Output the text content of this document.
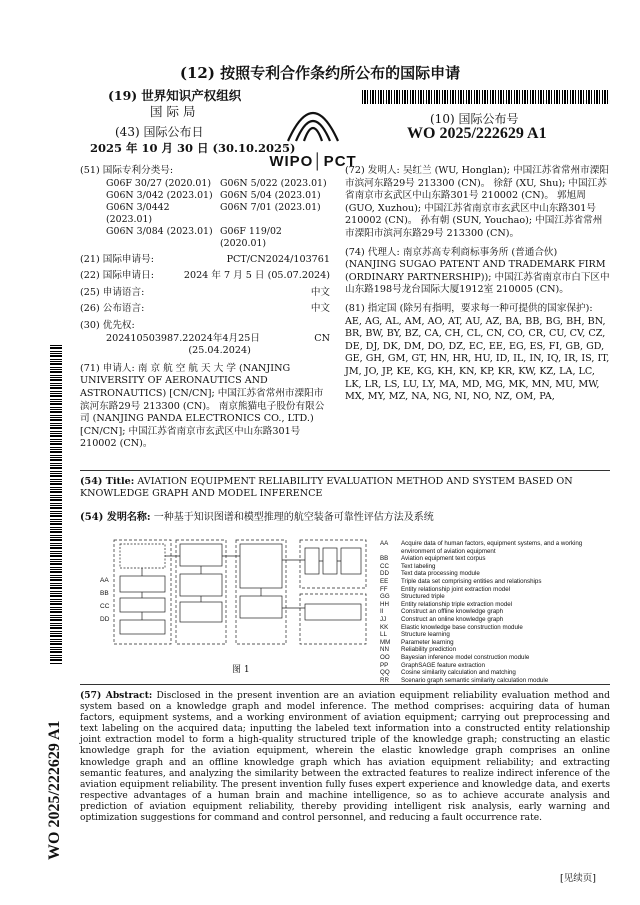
(12) 按照专利合作条约所公布的国际申请
(19) 世界知识产权组织
国 际 局
(43) 国际公布日
2025 年 10 月 30 日 (30.10.2025)
WIPO│PCT
(10) 国际公布号
WO 2025/222629 A1
(51) 国际专利分类号:
G06F 30/27 (2020.01) G06N 5/022 (2023.01)
G06N 3/042 (2023.01) G06N 5/04 (2023.01)
G06N 3/0442 (2023.01)
G06N 7/01 (2023.01)
G06N 3/084 (2023.01) G06F 119/02 (2020.01)
(21) 国际申请号:	PCT/CN2024/103761
(22) 国际申请日:	2024 年 7 月 5 日 (05.07.2024)
(25) 申请语言:	中文
(26) 公布语言:	中文
(30) 优先权:
202410503987.2 2024年4月25日 (25.04.2024)
CN
(71) 申请人: 南 京 航 空 航 天 大 学 (NANJING UNIVERSITY OF AERONAUTICS AND ASTRONAUTICS) [CN/CN]; 中国江苏省常州市溧阳市滨河东路29号 213300 (CN)。 南京熊猫电子股份有限公司 (NANJING PANDA ELECTRONICS CO., LTD.) [CN/CN]; 中国江苏省南京市玄武区中山东路301号 210002 (CN)。
(72) 发明人: 吴红兰 (WU, Honglan); 中国江苏省常州市溧阳市滨河东路29号 213300 (CN)。 徐舒 (XU, Shu); 中国江苏省南京市玄武区中山东路301号 210002 (CN)。 郭旭周 (GUO, Xuzhou); 中国江苏省南京市玄武区中山东路301号 210002 (CN)。 孙有朝 (SUN, Youchao); 中国江苏省常州市溧阳市滨河东路29号 213300 (CN)。
(74) 代理人: 南京苏高专利商标事务所 (普通合伙) (NANJING SUGAO PATENT AND TRADEMARK FIRM (ORDINARY PARTNERSHIP)); 中国江苏省南京市白下区中山东路198号龙台国际大厦1912室 210005 (CN)。
(81) 指定国 (除另有指明，要求每一种可提供的国家保护): AE, AG, AL, AM, AO, AT, AU, AZ, BA, BB, BG, BH, BN, BR, BW, BY, BZ, CA, CH, CL, CN, CO, CR, CU, CV, CZ, DE, DJ, DK, DM, DO, DZ, EC, EE, EG, ES, FI, GB, GD, GE, GH, GM, GT, HN, HR, HU, ID, IL, IN, IQ, IR, IS, IT, JM, JO, JP, KE, KG, KH, KN, KP, KR, KW, KZ, LA, LC, LK, LR, LS, LU, LY, MA, MD, MG, MK, MN, MU, MW, MX, MY, MZ, NA, NG, NI, NO, NZ, OM, PA,
WO 2025/222629 A1
(54) Title: AVIATION EQUIPMENT RELIABILITY EVALUATION METHOD AND SYSTEM BASED ON KNOWLEDGE GRAPH AND MODEL INFERENCE
(54) 发明名称: 一种基于知识图谱和模型推理的航空装备可靠性评估方法及系统
AA
BB
CC
DD
图 1
AA	Acquire data of human factors, equipment systems, and a working environment of aviation equipment
BB	Aviation equipment text corpus
CC	Text labeling
DD	Text data processing module
EE	Triple data set comprising entities and relationships
FF	Entity relationship joint extraction model
GG	Structured triple
HH	Entity relationship triple extraction model
II	Construct an offline knowledge graph
JJ	Construct an online knowledge graph
KK	Elastic knowledge base construction module
LL	Structure learning
MM	Parameter learning
NN	Reliability prediction
OO	Bayesian inference model construction module
PP	GraphSAGE feature extraction
QQ	Cosine similarity calculation and matching
RR	Scenario graph semantic similarity calculation module
(57) Abstract: Disclosed in the present invention are an aviation equipment reliability evaluation method and system based on a knowledge graph and model inference. The method comprises: acquiring data of human factors, equipment systems, and a working environment of aviation equipment; carrying out preprocessing and text labeling on the acquired data; inputting the labeled text information into a constructed entity relationship joint extraction model to form a high-quality structured triple of the knowledge graph; constructing an elastic knowledge graph for the aviation equipment, wherein the elastic knowledge graph comprises an online knowledge graph and an offline knowledge graph which has aviation equipment reliability; and extracting semantic features, and analyzing the similarity between the extracted features to realize indirect inference of the aviation equipment reliability. The present invention fully fuses expert experience and knowledge data, and exerts respective advantages of a human brain and machine intelligence, so as to achieve accurate analysis and prediction of aviation equipment reliability, thereby providing intelligent risk analysis, early warning and optimization suggestions for command and control personnel, and reducing a fault occurrence rate.
[见续页]
